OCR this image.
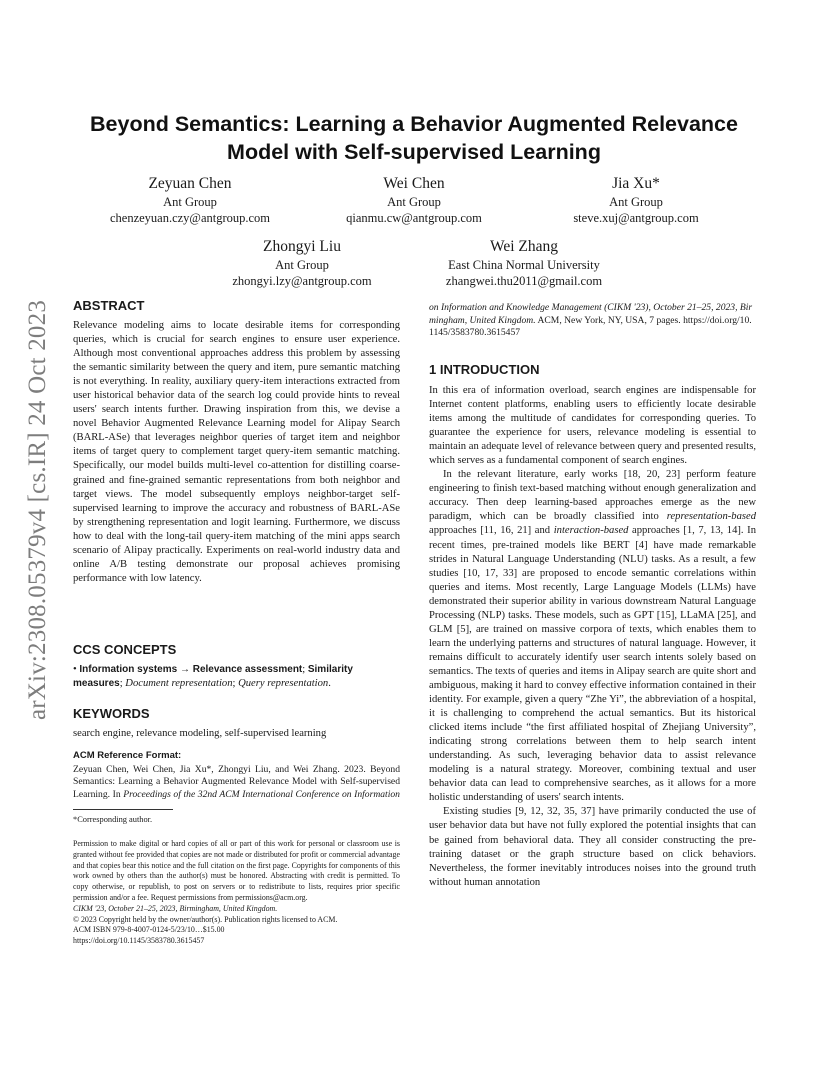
arXiv:2308.05379v4 [cs.IR] 24 Oct 2023
Beyond Semantics: Learning a Behavior Augmented Relevance
Model with Self-supervised Learning
Zeyuan Chen
Ant Group
chenzeyuan.czy@antgroup.com
Wei Chen
Ant Group
qianmu.cw@antgroup.com
Jia Xu*
Ant Group
steve.xuj@antgroup.com
Zhongyi Liu
Ant Group
zhongyi.lzy@antgroup.com
Wei Zhang
East China Normal University
zhangwei.thu2011@gmail.com
ABSTRACT

Relevance modeling aims to locate desirable items for corresponding queries, which is crucial for search engines to ensure user experience. Although most conventional approaches address this problem by assessing the semantic similarity between the query and item, pure semantic matching is not everything. In reality, auxiliary query-item interactions extracted from user historical behavior data of the search log could provide hints to reveal users' search intents further. Drawing inspiration from this, we devise a novel Behavior Augmented Relevance Learning model for Alipay Search (BARL-ASe) that leverages neighbor queries of target item and neighbor items of target query to complement target query-item semantic matching. Specifically, our model builds multi-level co-attention for distilling coarse-grained and fine-grained semantic representations from both neighbor and target views. The model subsequently employs neighbor-target self-supervised learning to improve the accuracy and robustness of BARL-ASe by strengthening representation and logit learning. Furthermore, we discuss how to deal with the long-tail query-item matching of the mini apps search scenario of Alipay practically. Experiments on real-world industry data and online A/B testing demonstrate our proposal achieves promising performance with low latency.

CCS CONCEPTS

• Information systems → Relevance assessment; Similarity measures; Document representation; Query representation.

KEYWORDS

search engine, relevance modeling, self-supervised learning

ACM Reference Format:

Zeyuan Chen, Wei Chen, Jia Xu*, Zhongyi Liu, and Wei Zhang. 2023. Beyond Semantics: Learning a Behavior Augmented Relevance Model with Self-supervised Learning. In Proceedings of the 32nd ACM International Conference on Information

*Corresponding author.

Permission to make digital or hard copies of all or part of this work for personal or classroom use is granted without fee provided that copies are not made or distributed for profit or commercial advantage and that copies bear this notice and the full citation on the first page. Copyrights for components of this work owned by others than the author(s) must be honored. Abstracting with credit is permitted. To copy otherwise, or republish, to post on servers or to redistribute to lists, requires prior specific permission and/or a fee. Request permissions from permissions@acm.org.

CIKM '23, October 21–25, 2023, Birmingham, United Kingdom.

© 2023 Copyright held by the owner/author(s). Publication rights licensed to ACM.

ACM ISBN 979-8-4007-0124-5/23/10…$15.00

https://doi.org/10.1145/3583780.3615457

on Information and Knowledge Management (CIKM '23), October 21–25, 2023, Birmingham, United Kingdom. ACM, New York, NY, USA, 7 pages. https://doi.org/10.1145/3583780.3615457

1 INTRODUCTION

In this era of information overload, search engines are indispensable for Internet content platforms, enabling users to efficiently locate desirable items among the multitude of candidates for corresponding queries. To guarantee the experience for users, relevance modeling is essential to maintain an adequate level of relevance between query and presented results, which serves as a fundamental component of search engines.

In the relevant literature, early works [18, 20, 23] perform feature engineering to finish text-based matching without enough generalization and accuracy. Then deep learning-based approaches emerge as the new paradigm, which can be broadly classified into representation-based approaches [11, 16, 21] and interaction-based approaches [1, 7, 13, 14]. In recent times, pre-trained models like BERT [4] have made remarkable strides in Natural Language Understanding (NLU) tasks. As a result, a few studies [10, 17, 33] are proposed to encode semantic correlations within queries and items. Most recently, Large Language Models (LLMs) have demonstrated their superior ability in various downstream Natural Language Processing (NLP) tasks. These models, such as GPT [15], LLaMA [25], and GLM [5], are trained on massive corpora of texts, which enables them to learn the underlying patterns and structures of natural language. However, it remains difficult to accurately identify user search intents solely based on semantics. The texts of queries and items in Alipay search are quite short and ambiguous, making it hard to convey effective information contained in their identity. For example, given a query “Zhe Yi”, the abbreviation of a hospital, it is challenging to comprehend the actual semantics. But its historical clicked items include “the first affiliated hospital of Zhejiang University”, indicating strong correlations between them to help search intent understanding. As such, leveraging behavior data to assist relevance modeling is a natural strategy. Moreover, combining textual and user behavior data can lead to comprehensive searches, as it allows for a more holistic understanding of users' search intents.

Existing studies [9, 12, 32, 35, 37] have primarily conducted the use of user behavior data but have not fully explored the potential insights that can be gained from behavioral data. They all consider constructing the pre-training dataset or the graph structure based on click behaviors. Nevertheless, the former inevitably introduces noises into the ground truth without human annotation
